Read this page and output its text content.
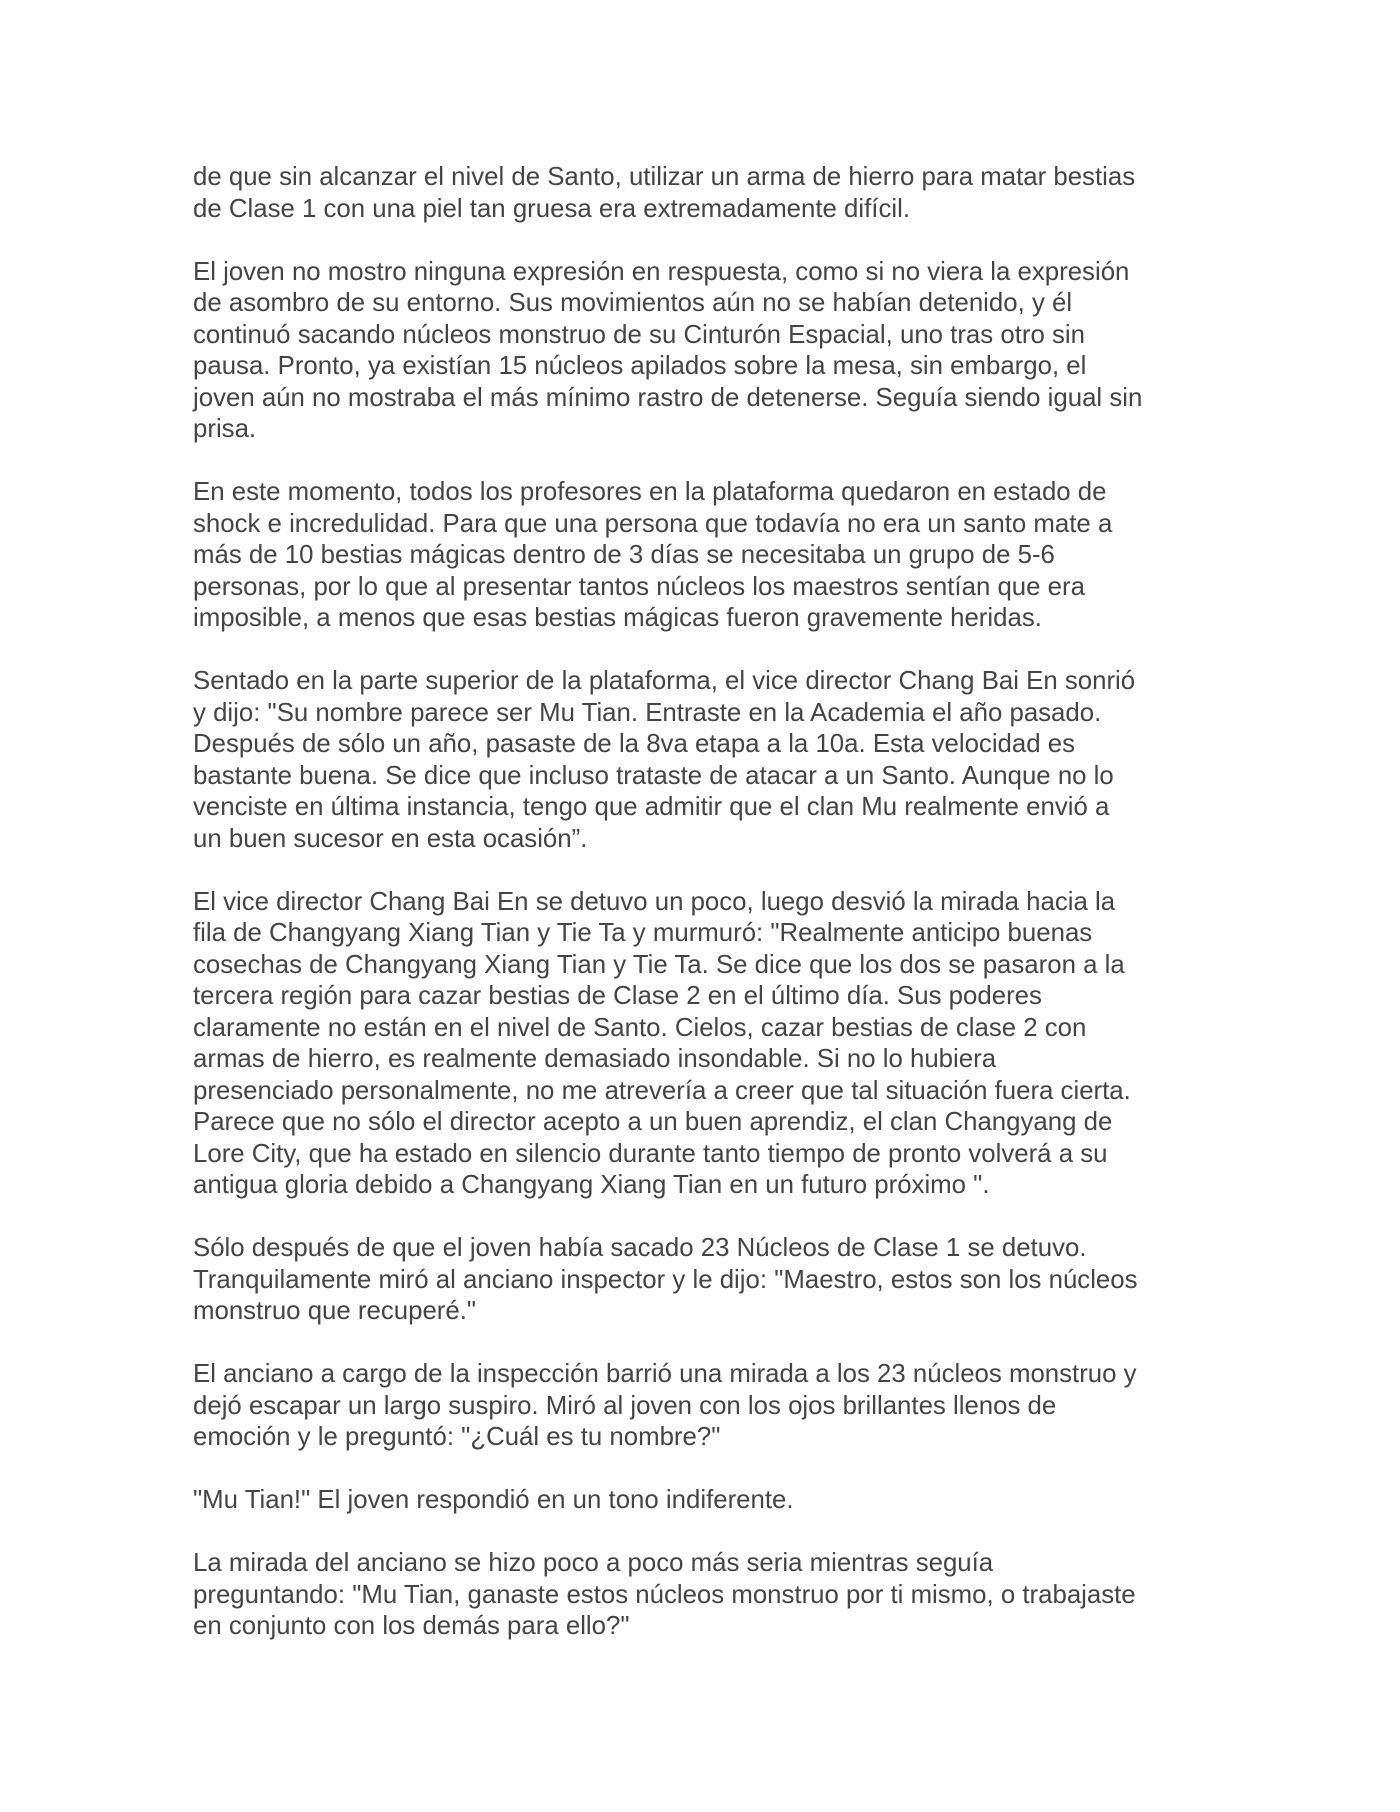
de que sin alcanzar el nivel de Santo, utilizar un arma de hierro para matar bestias
de Clase 1 con una piel tan gruesa era extremadamente difícil.

El joven no mostro ninguna expresión en respuesta, como si no viera la expresión
de asombro de su entorno. Sus movimientos aún no se habían detenido, y él
continuó sacando núcleos monstruo de su Cinturón Espacial, uno tras otro sin
pausa. Pronto, ya existían 15 núcleos apilados sobre la mesa, sin embargo, el
joven aún no mostraba el más mínimo rastro de detenerse. Seguía siendo igual sin
prisa.

En este momento, todos los profesores en la plataforma quedaron en estado de
shock e incredulidad. Para que una persona que todavía no era un santo mate a
más de 10 bestias mágicas dentro de 3 días se necesitaba un grupo de 5-6
personas, por lo que al presentar tantos núcleos los maestros sentían que era
imposible, a menos que esas bestias mágicas fueron gravemente heridas.

Sentado en la parte superior de la plataforma, el vice director Chang Bai En sonrió
y dijo: "Su nombre parece ser Mu Tian. Entraste en la Academia el año pasado.
Después de sólo un año, pasaste de la 8va etapa a la 10a. Esta velocidad es
bastante buena. Se dice que incluso trataste de atacar a un Santo. Aunque no lo
venciste en última instancia, tengo que admitir que el clan Mu realmente envió a
un buen sucesor en esta ocasión”.

El vice director Chang Bai En se detuvo un poco, luego desvió la mirada hacia la
fila de Changyang Xiang Tian y Tie Ta y murmuró: "Realmente anticipo buenas
cosechas de Changyang Xiang Tian y Tie Ta. Se dice que los dos se pasaron a la
tercera región para cazar bestias de Clase 2 en el último día. Sus poderes
claramente no están en el nivel de Santo. Cielos, cazar bestias de clase 2 con
armas de hierro, es realmente demasiado insondable. Si no lo hubiera
presenciado personalmente, no me atrevería a creer que tal situación fuera cierta.
Parece que no sólo el director acepto a un buen aprendiz, el clan Changyang de
Lore City, que ha estado en silencio durante tanto tiempo de pronto volverá a su
antigua gloria debido a Changyang Xiang Tian en un futuro próximo ".

Sólo después de que el joven había sacado 23 Núcleos de Clase 1 se detuvo.
Tranquilamente miró al anciano inspector y le dijo: "Maestro, estos son los núcleos
monstruo que recuperé."

El anciano a cargo de la inspección barrió una mirada a los 23 núcleos monstruo y
dejó escapar un largo suspiro. Miró al joven con los ojos brillantes llenos de
emoción y le preguntó: "¿Cuál es tu nombre?"

"Mu Tian!" El joven respondió en un tono indiferente.

La mirada del anciano se hizo poco a poco más seria mientras seguía
preguntando: "Mu Tian, ganaste estos núcleos monstruo por ti mismo, o trabajaste
en conjunto con los demás para ello?"
